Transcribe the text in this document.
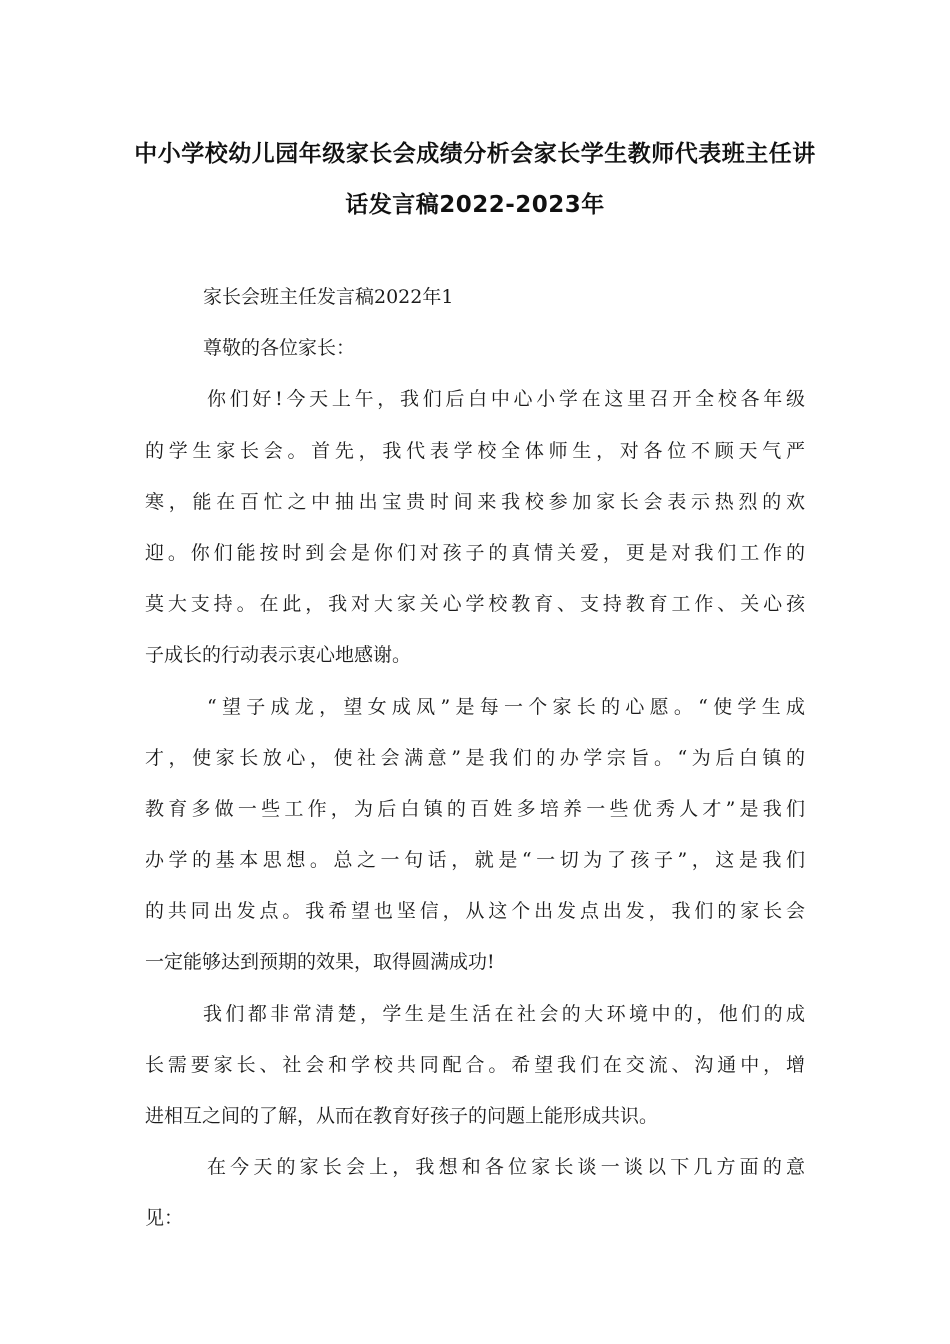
中小学校幼儿园年级家长会成绩分析会家长学生教师代表班主任讲
话发言稿2022-2023年
家长会班主任发言稿2022年1
尊敬的各位家长：
你们好!今天上午，我们后白中心小学在这里召开全校各年级
的学生家长会。首先，我代表学校全体师生，对各位不顾天气严
寒，能在百忙之中抽出宝贵时间来我校参加家长会表示热烈的欢
迎。你们能按时到会是你们对孩子的真情关爱，更是对我们工作的
莫大支持。在此，我对大家关心学校教育、支持教育工作、关心孩
子成长的行动表示衷心地感谢。
“望子成龙，望女成凤”是每一个家长的心愿。“使学生成
才，使家长放心，使社会满意”是我们的办学宗旨。“为后白镇的
教育多做一些工作，为后白镇的百姓多培养一些优秀人才”是我们
办学的基本思想。总之一句话，就是“一切为了孩子”，这是我们
的共同出发点。我希望也坚信，从这个出发点出发，我们的家长会
一定能够达到预期的效果，取得圆满成功!
我们都非常清楚，学生是生活在社会的大环境中的，他们的成
长需要家长、社会和学校共同配合。希望我们在交流、沟通中，增
进相互之间的了解，从而在教育好孩子的问题上能形成共识。
在今天的家长会上，我想和各位家长谈一谈以下几方面的意
见：
